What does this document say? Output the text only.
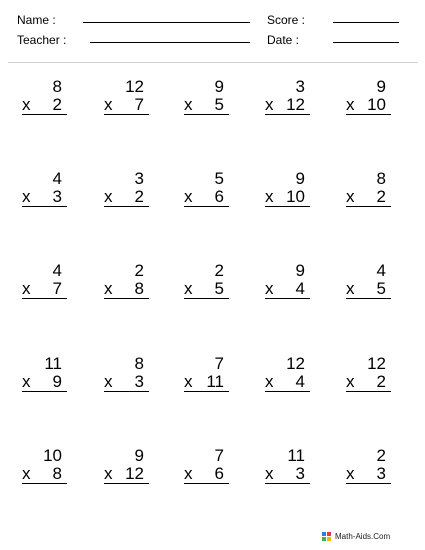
Name :
Teacher :
Score :
Date :
8
x 2
12
x 7
9
x 5
3
x 12
9
x 10
4
x 3
3
x 2
5
x 6
9
x 10
8
x 2
4
x 7
2
x 8
2
x 5
9
x 4
4
x 5
11
x 9
8
x 3
7
x 11
12
x 4
12
x 2
10
x 8
9
x 12
7
x 6
11
x 3
2
x 3
Math-Aids.Com
